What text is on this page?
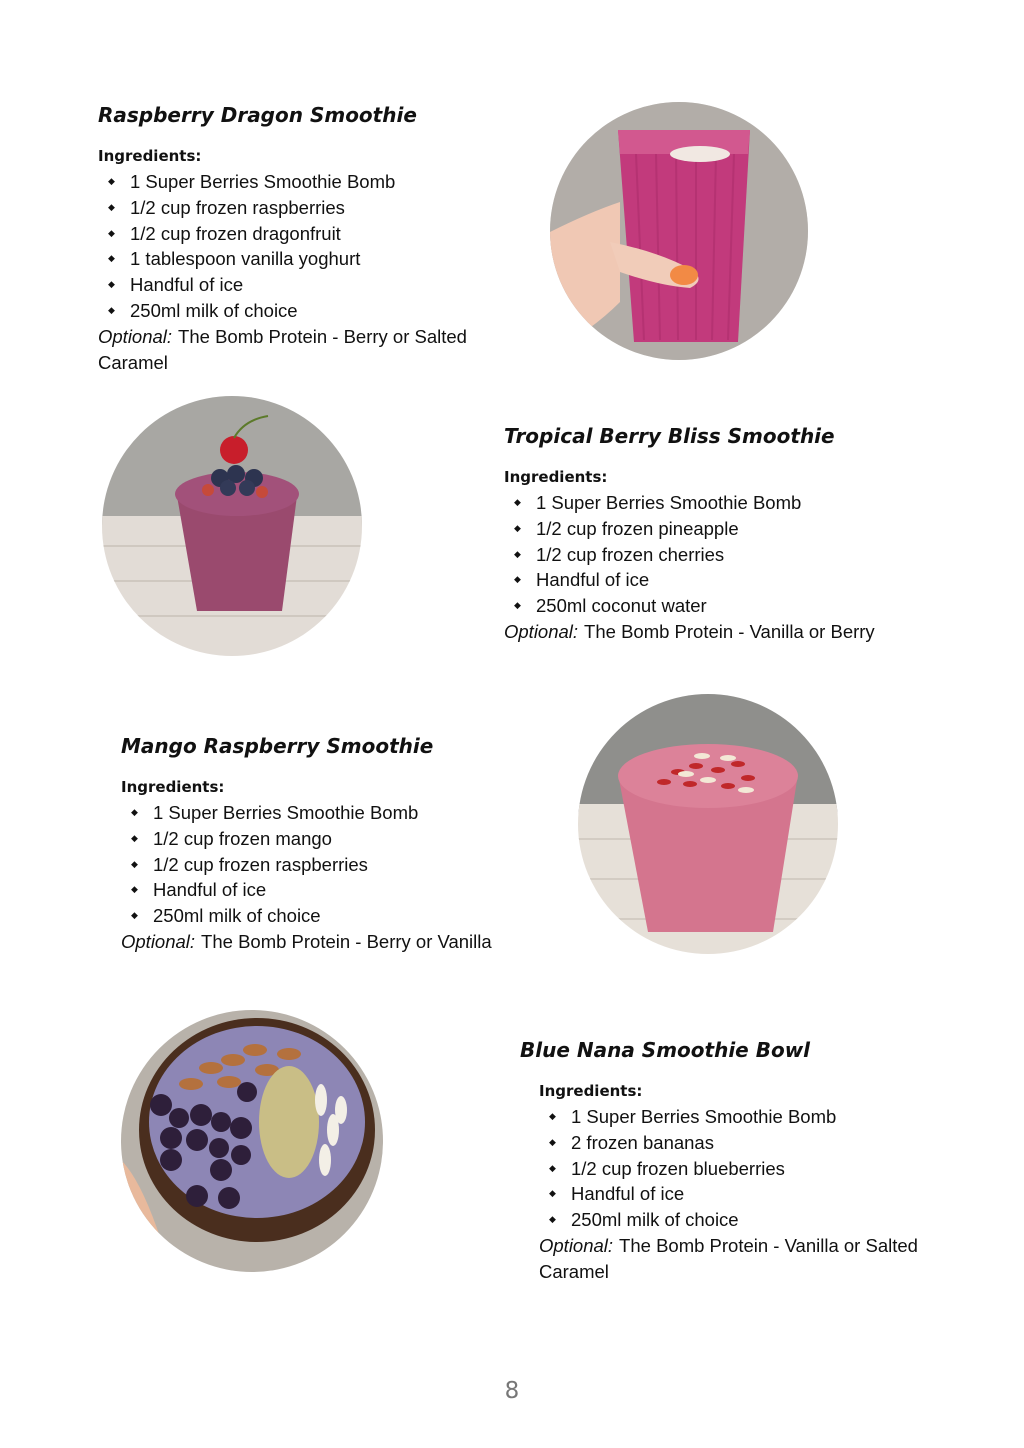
Raspberry Dragon Smoothie
Ingredients:
◆ 1 Super Berries Smoothie Bomb
◆ 1/2 cup frozen raspberries
◆ 1/2 cup frozen dragonfruit
◆ 1 tablespoon vanilla yoghurt
◆ Handful of ice
◆ 250ml milk of choice

Optional: The Bomb Protein - Berry or Salted Caramel

Tropical Berry Bliss Smoothie
Ingredients:
◆ 1 Super Berries Smoothie Bomb
◆ 1/2 cup frozen pineapple
◆ 1/2 cup frozen cherries
◆ Handful of ice
◆ 250ml coconut water

Optional: The Bomb Protein - Vanilla or Berry

Mango Raspberry Smoothie
Ingredients:
◆ 1 Super Berries Smoothie Bomb
◆ 1/2 cup frozen mango
◆ 1/2 cup frozen raspberries
◆ Handful of ice
◆ 250ml milk of choice

Optional: The Bomb Protein - Berry or Vanilla

Blue Nana Smoothie Bowl
Ingredients:
◆ 1 Super Berries Smoothie Bomb
◆ 2 frozen bananas
◆ 1/2 cup frozen blueberries
◆ Handful of ice
◆ 250ml milk of choice

Optional: The Bomb Protein - Vanilla or Salted Caramel

8
